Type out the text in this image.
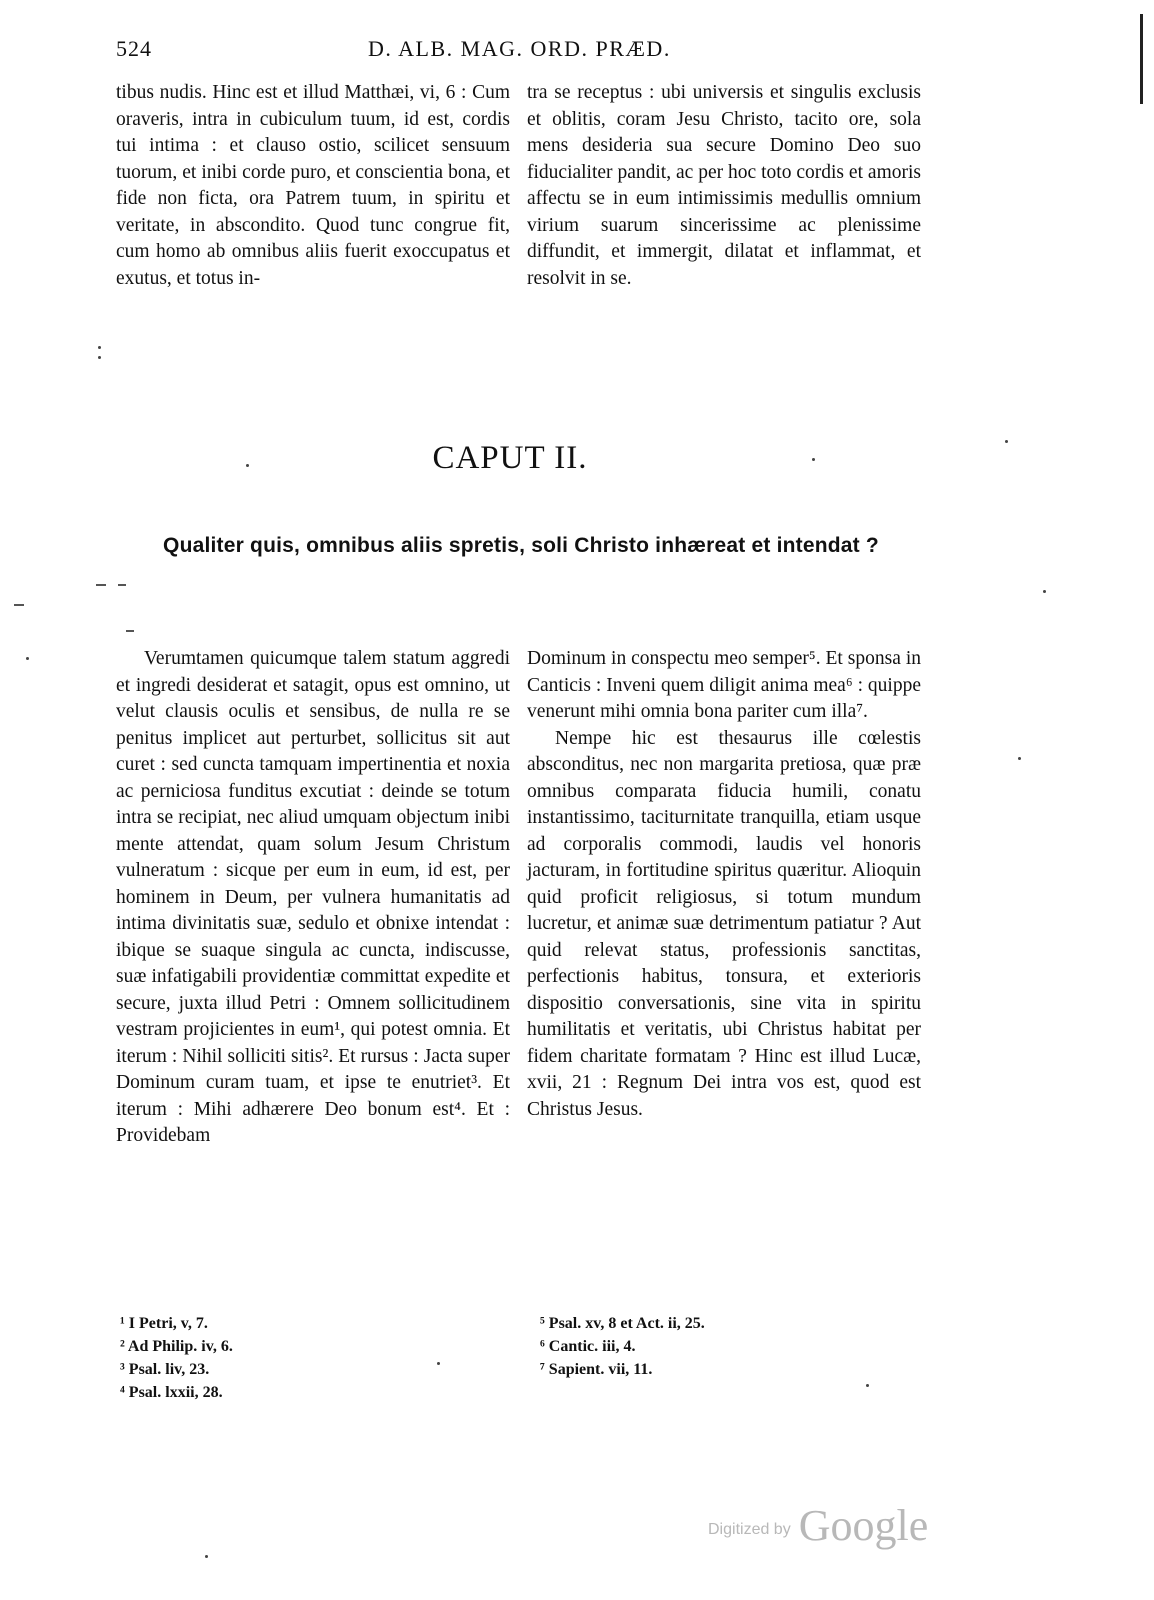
524	D. ALB. MAG. ORD. PRÆD.

tibus nudis. Hinc est et illud Matthæi, vi, 6 : Cum oraveris, intra in cubiculum tuum, id est, cordis tui intima : et clauso ostio, scilicet sensuum tuorum, et inibi corde puro, et conscientia bona, et fide non ficta, ora Patrem tuum, in spiritu et veritate, in abscondito. Quod tunc congrue fit, cum homo ab omnibus aliis fuerit exoccupatus et exutus, et totus in-

tra se receptus : ubi universis et singulis exclusis et oblitis, coram Jesu Christo, tacito ore, sola mens desideria sua secure Domino Deo suo fiducialiter pandit, ac per hoc toto cordis et amoris affectu se in eum intimissimis medullis omnium virium suarum sincerissime ac plenissime diffundit, et immergit, dilatat et inflammat, et resolvit in se.

CAPUT II.
Qualiter quis, omnibus aliis spretis, soli Christo inhæreat et intendat ?

Verumtamen quicumque talem statum aggredi et ingredi desiderat et satagit, opus est omnino, ut velut clausis oculis et sensibus, de nulla re se penitus implicet aut perturbet, sollicitus sit aut curet : sed cuncta tamquam impertinentia et noxia ac perniciosa funditus excutiat : deinde se totum intra se recipiat, nec aliud umquam objectum inibi mente attendat, quam solum Jesum Christum vulneratum : sicque per eum in eum, id est, per hominem in Deum, per vulnera humanitatis ad intima divinitatis suæ, sedulo et obnixe intendat : ibique se suaque singula ac cuncta, indiscusse, suæ infatigabili providentiæ committat expedite et secure, juxta illud Petri : Omnem sollicitudinem vestram projicientes in eum¹, qui potest omnia. Et iterum : Nihil solliciti sitis². Et rursus : Jacta super Dominum curam tuam, et ipse te enutriet³. Et iterum : Mihi adhærere Deo bonum est⁴. Et : Providebam

Dominum in conspectu meo semper⁵. Et sponsa in Canticis : Inveni quem diligit anima mea⁶ : quippe venerunt mihi omnia bona pariter cum illa⁷.

Nempe hic est thesaurus ille cœlestis absconditus, nec non margarita pretiosa, quæ præ omnibus comparata fiducia humili, conatu instantissimo, taciturnitate tranquilla, etiam usque ad corporalis commodi, laudis vel honoris jacturam, in fortitudine spiritus quæritur. Alioquin quid proficit religiosus, si totum mundum lucretur, et animæ suæ detrimentum patiatur ? Aut quid relevat status, professionis sanctitas, perfectionis habitus, tonsura, et exterioris dispositio conversationis, sine vita in spiritu humilitatis et veritatis, ubi Christus habitat per fidem charitate formatam ? Hinc est illud Lucæ, xvii, 21 : Regnum Dei intra vos est, quod est Christus Jesus.

¹ I Petri, v, 7.
² Ad Philip. iv, 6.
³ Psal. liv, 23.
⁴ Psal. lxxii, 28.
⁵ Psal. xv, 8 et Act. ii, 25.
⁶ Cantic. iii, 4.
⁷ Sapient. vii, 11.
Digitized by Google
